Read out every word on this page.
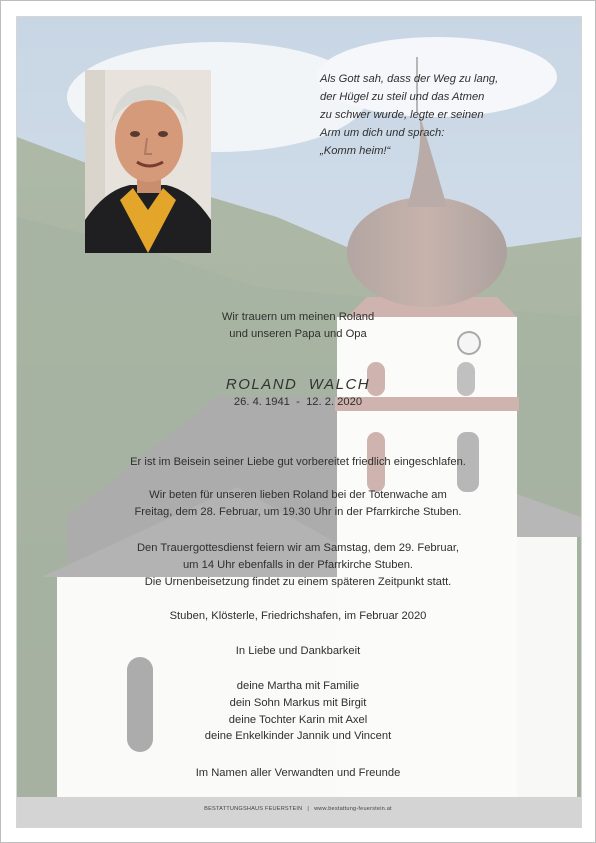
Als Gott sah, dass der Weg zu lang,
der Hügel zu steil und das Atmen
zu schwer wurde, legte er seinen
Arm um dich und sprach:
„Komm heim!“
Wir trauern um meinen Roland
und unseren Papa und Opa
ROLAND  WALCH
26. 4. 1941  -  12. 2. 2020
Er ist im Beisein seiner Liebe gut vorbereitet friedlich eingeschlafen.
Wir beten für unseren lieben Roland bei der Totenwache am
Freitag, dem 28. Februar, um 19.30 Uhr in der Pfarrkirche Stuben.
Den Trauergottesdienst feiern wir am Samstag, dem 29. Februar,
um 14 Uhr ebenfalls in der Pfarrkirche Stuben.
Die Urnenbeisetzung findet zu einem späteren Zeitpunkt statt.
Stuben, Klösterle, Friedrichshafen, im Februar 2020
In Liebe und Dankbarkeit
deine Martha mit Familie
dein Sohn Markus mit Birgit
deine Tochter Karin mit Axel
deine Enkelkinder Jannik und Vincent
Im Namen aller Verwandten und Freunde
BESTATTUNGSHAUS FEUERSTEIN | www.bestattung-feuerstein.at
